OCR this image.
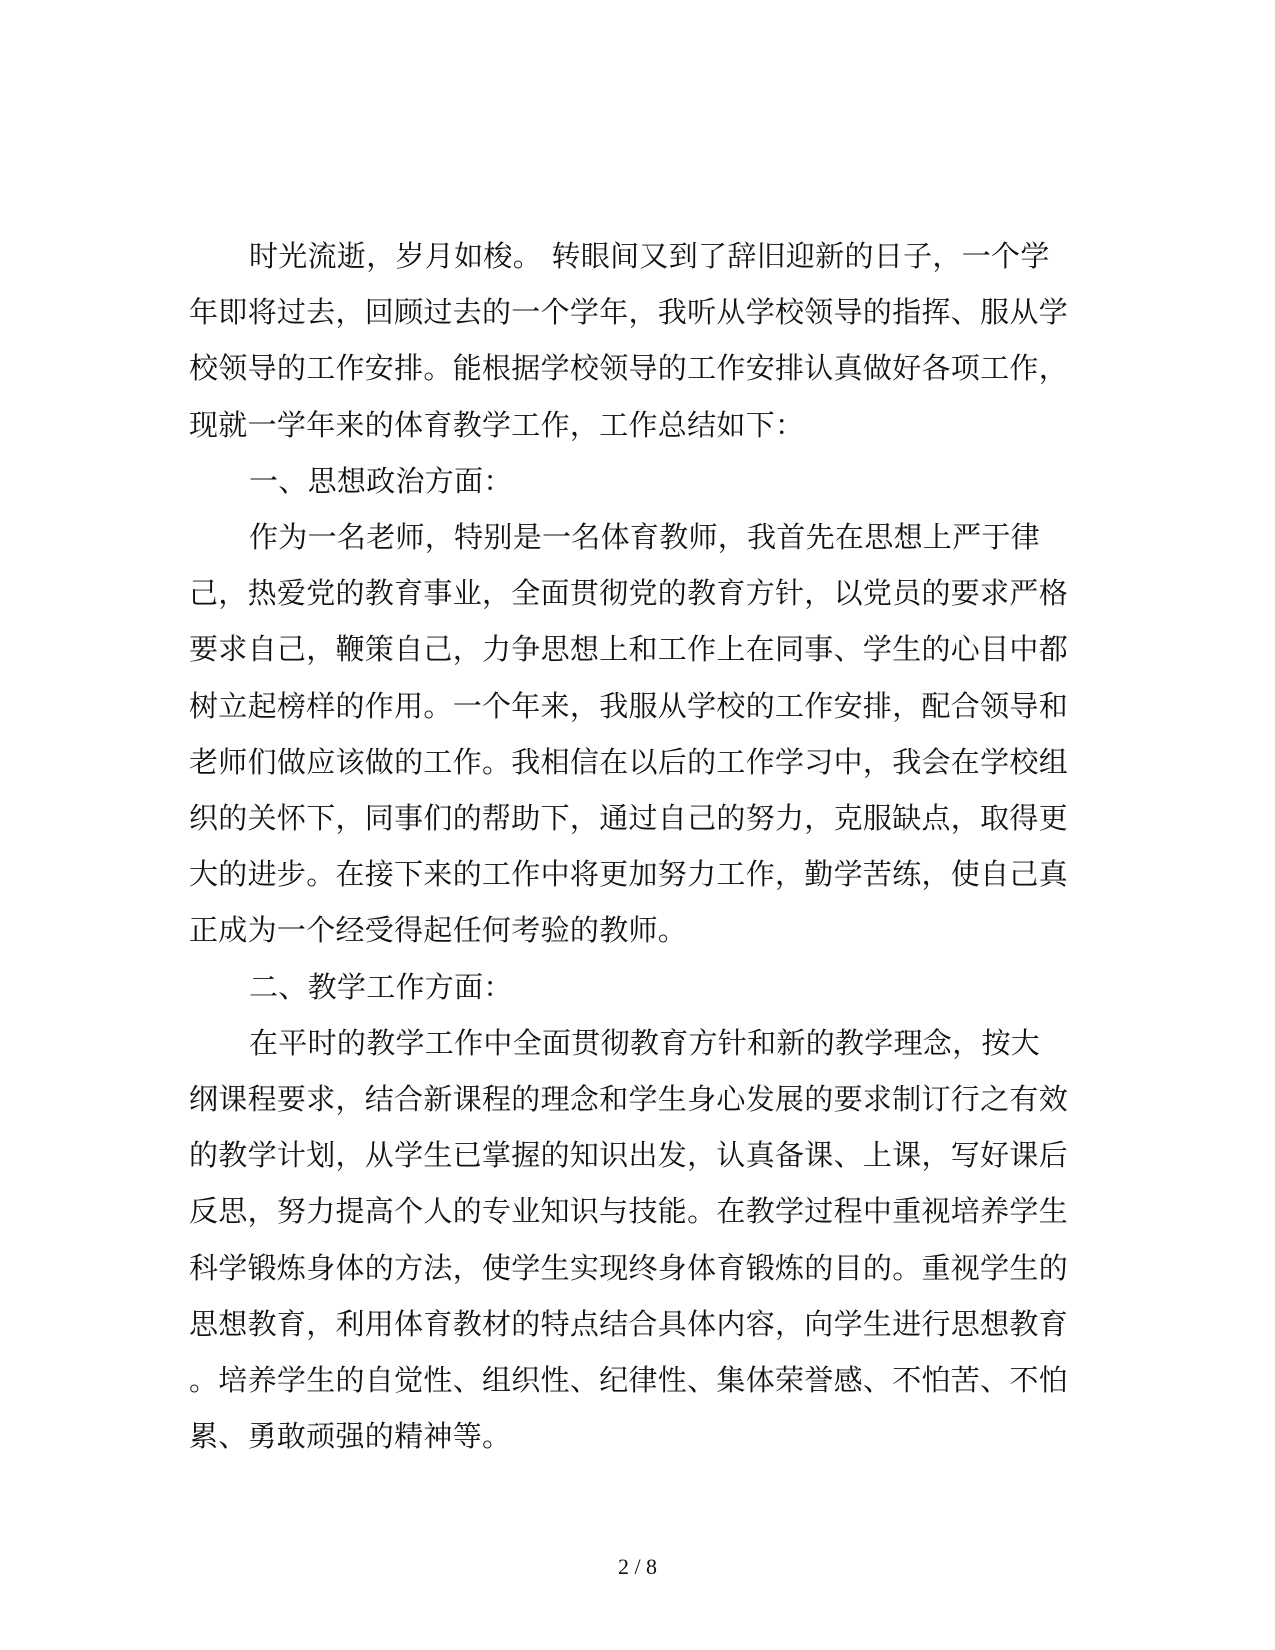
时光流逝，岁月如梭。 转眼间又到了辞旧迎新的日子，一个学年即将过去，回顾过去的一个学年，我听从学校领导的指挥、服从学校领导的工作安排。能根据学校领导的工作安排认真做好各项工作，现就一学年来的体育教学工作，工作总结如下：

一、思想政治方面：

作为一名老师，特别是一名体育教师，我首先在思想上严于律己，热爱党的教育事业，全面贯彻党的教育方针，以党员的要求严格要求自己，鞭策自己，力争思想上和工作上在同事、学生的心目中都树立起榜样的作用。一个年来，我服从学校的工作安排，配合领导和老师们做应该做的工作。我相信在以后的工作学习中，我会在学校组织的关怀下，同事们的帮助下，通过自己的努力，克服缺点，取得更大的进步。在接下来的工作中将更加努力工作，勤学苦练，使自己真正成为一个经受得起任何考验的教师。

二、教学工作方面：

在平时的教学工作中全面贯彻教育方针和新的教学理念，按大纲课程要求，结合新课程的理念和学生身心发展的要求制订行之有效的教学计划，从学生已掌握的知识出发，认真备课、上课，写好课后反思，努力提高个人的专业知识与技能。在教学过程中重视培养学生科学锻炼身体的方法，使学生实现终身体育锻炼的目的。重视学生的思想教育，利用体育教材的特点结合具体内容，向学生进行思想教育。培养学生的自觉性、组织性、纪律性、集体荣誉感、不怕苦、不怕累、勇敢顽强的精神等。

2 / 8
